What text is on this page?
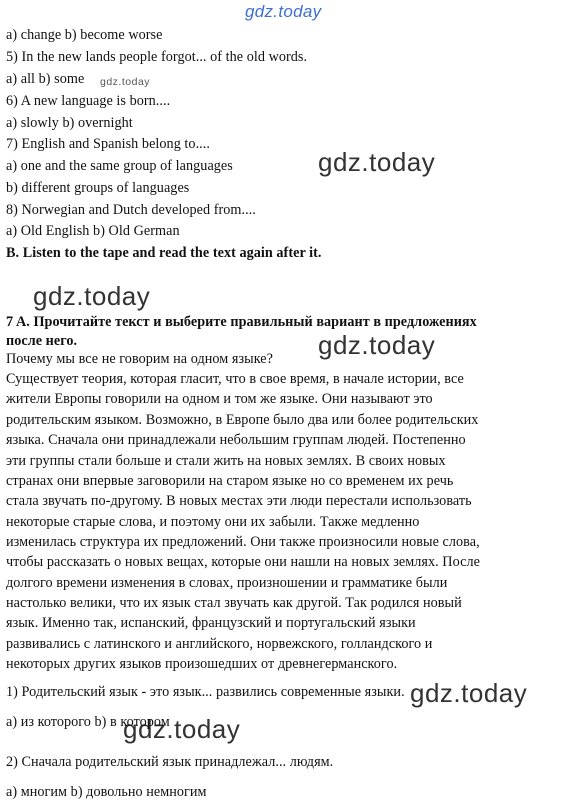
gdz.today
gdz.today
gdz.today
gdz.today
gdz.today
gdz.today
gdz.today
a) change b) become worse
5) In the new lands people forgot... of the old words.
a) all b) some
6) A new language is born....
a) slowly b) overnight
7) English and Spanish belong to....
a) one and the same group of languages
b) different groups of languages
8) Norwegian and Dutch developed from....
a) Old English b) Old German
B. Listen to the tape and read the text again after it.
7 A. Прочитайте текст и выберите правильный вариант в предложениях
после него.
Почему мы все не говорим на одном языке?
Существует теория, которая гласит, что в свое время, в начале истории, все
жители Европы говорили на одном и том же языке. Они называют это
родительским языком. Возможно, в Европе было два или более родительских
языка. Сначала они принадлежали небольшим группам людей. Постепенно
эти группы стали больше и стали жить на новых землях. В своих новых
странах они впервые заговорили на старом языке но со временем их речь
стала звучать по-другому. В новых местах эти люди перестали использовать
некоторые старые слова, и поэтому они их забыли. Также медленно
изменилась структура их предложений. Они также произносили новые слова,
чтобы рассказать о новых вещах, которые они нашли на новых землях. После
долгого времени изменения в словах, произношении и грамматике были
настолько велики, что их язык стал звучать как другой. Так родился новый
язык. Именно так, испанский, французский и португальский языки
развивались с латинского и английского, норвежского, голландского и
некоторых других языков произошедших от древнегерманского.
1) Родительский язык - это язык... развились современные языки.
а) из которого b) в котором
2) Сначала родительский язык принадлежал... людям.
а) многим b) довольно немногим
